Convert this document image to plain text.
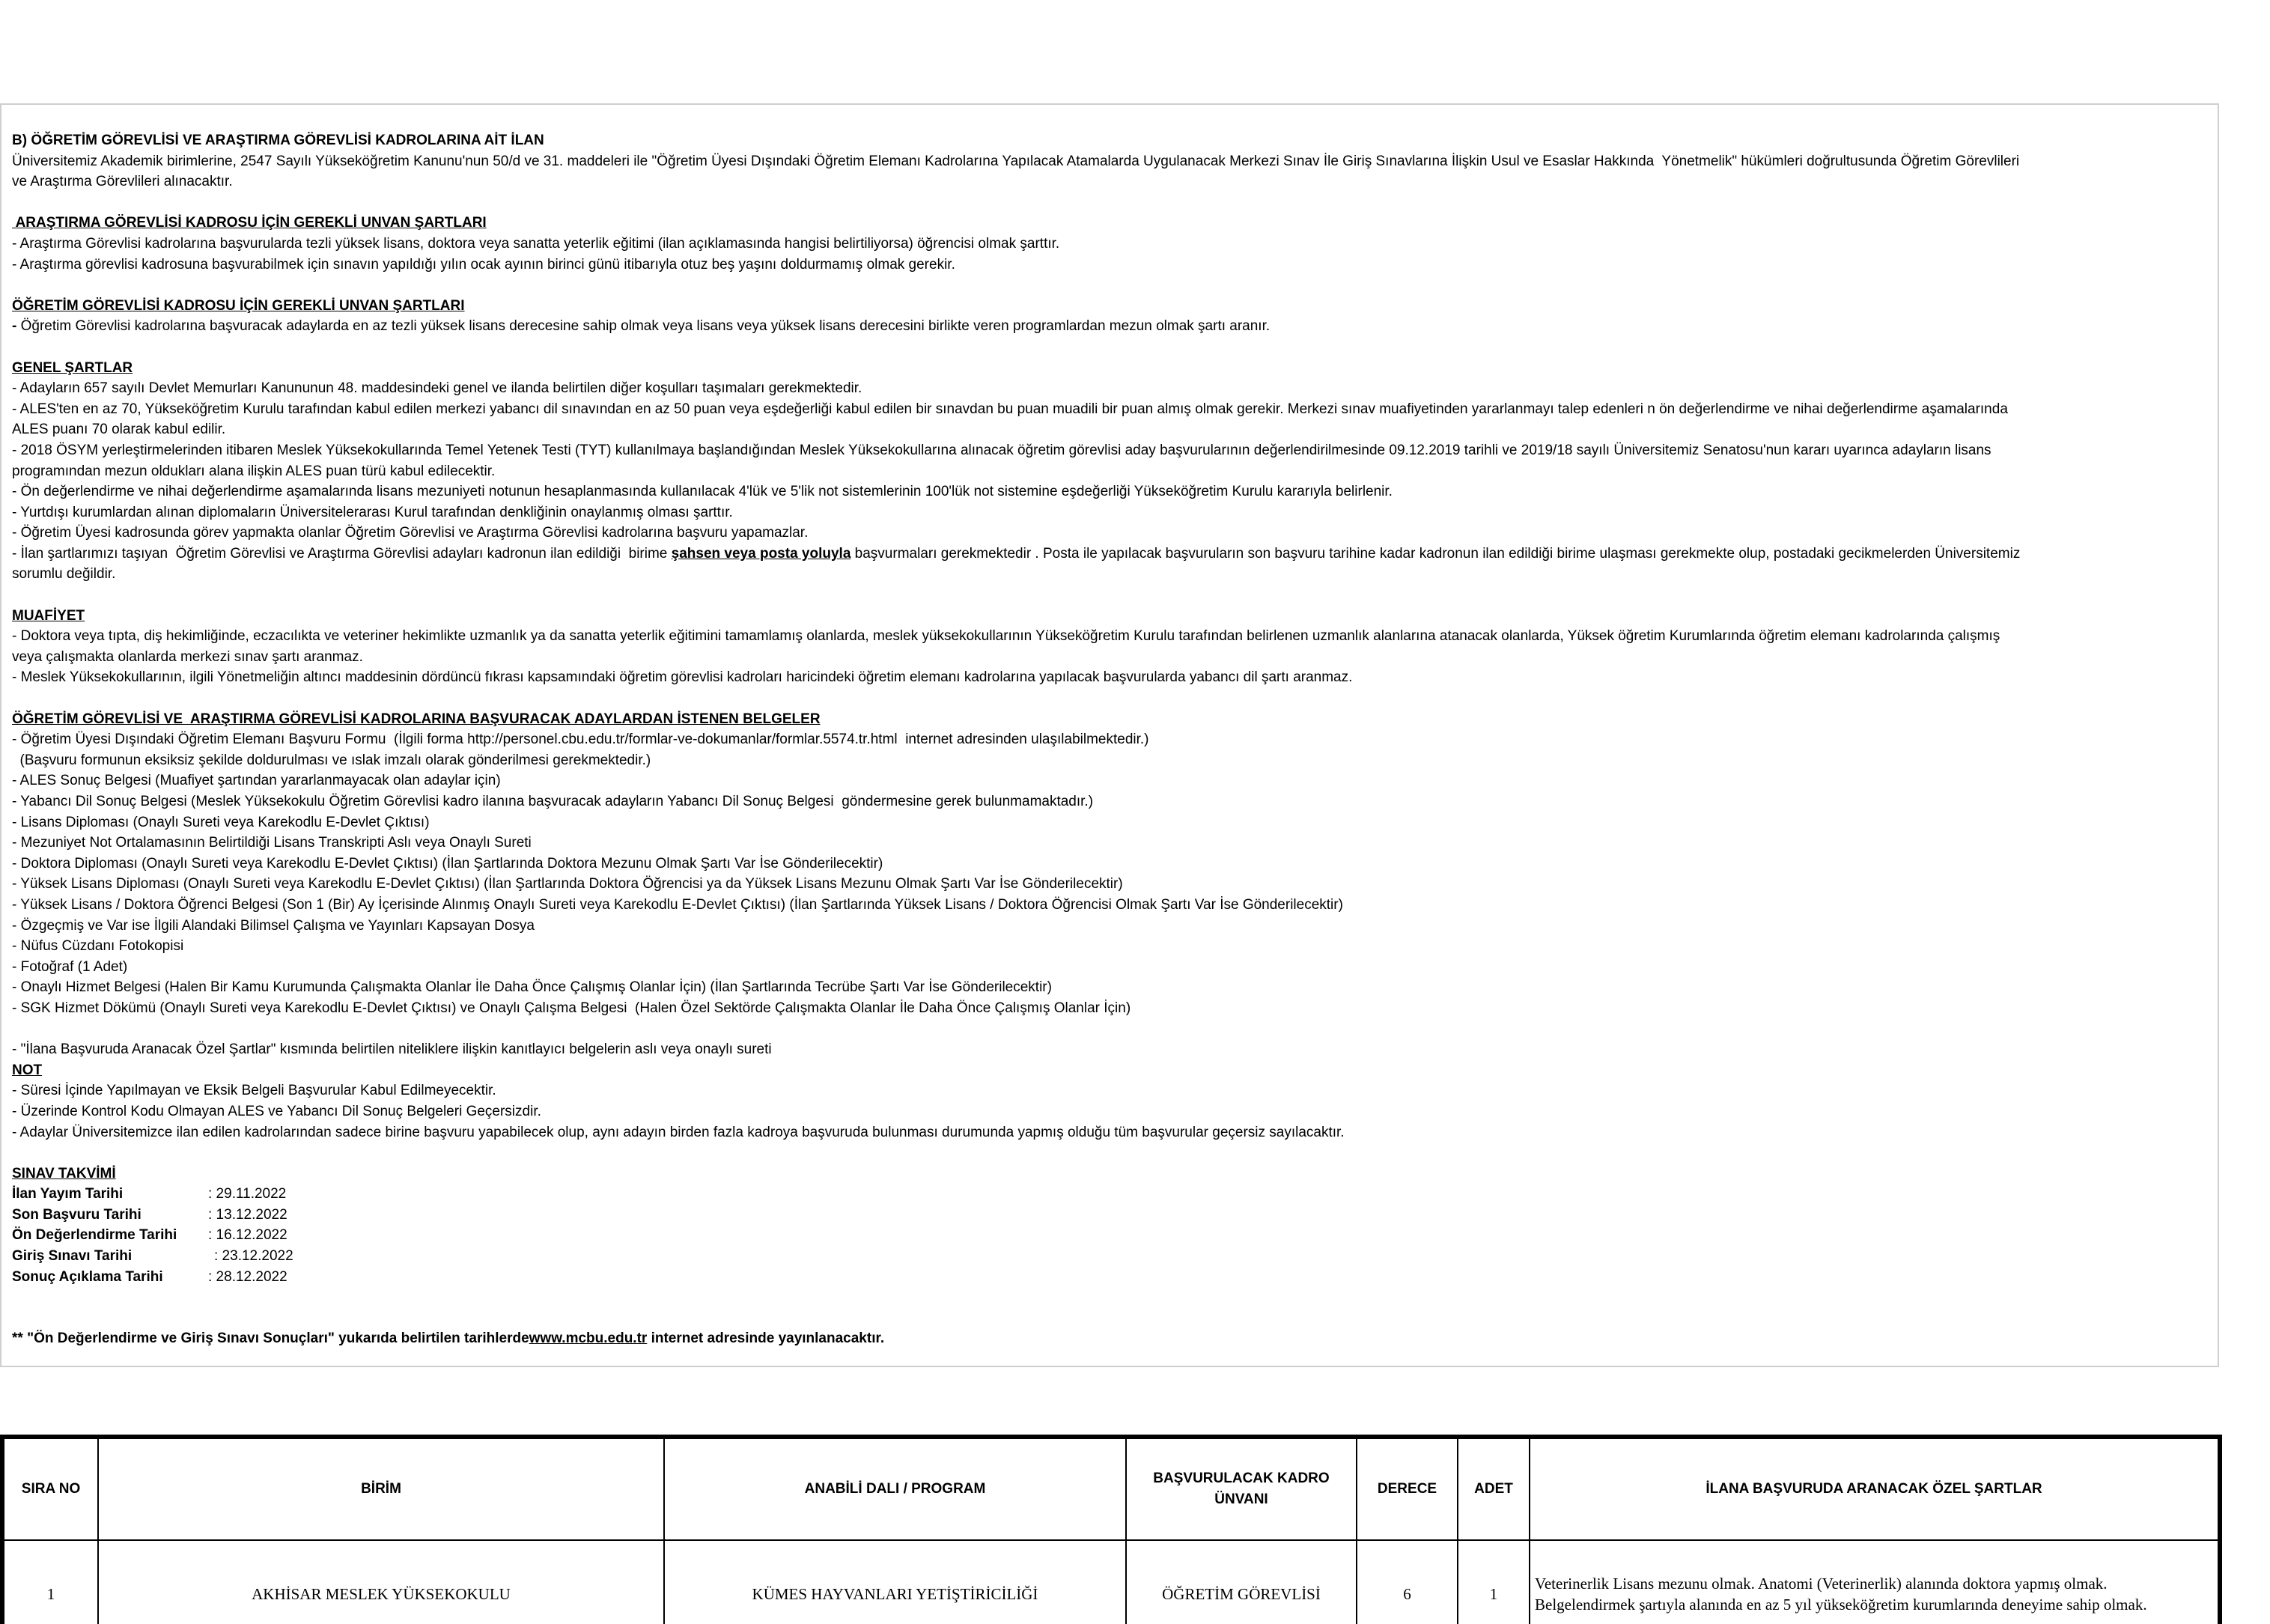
B) ÖĞRETİM GÖREVLİSİ VE ARAŞTIRMA GÖREVLİSİ KADROLARINA AİT İLAN
Üniversitemiz Akademik birimlerine, 2547 Sayılı Yükseköğretim Kanunu'nun 50/d ve 31. maddeleri ile "Öğretim Üyesi Dışındaki Öğretim Elemanı Kadrolarına Yapılacak Atamalarda Uygulanacak Merkezi Sınav İle Giriş Sınavlarına İlişkin Usul ve Esaslar Hakkında  Yönetmelik" hükümleri doğrultusunda Öğretim Görevlileri
ve Araştırma Görevlileri alınacaktır.
ARAŞTIRMA GÖREVLİSİ KADROSU İÇİN GEREKLİ UNVAN ŞARTLARI
- Araştırma Görevlisi kadrolarına başvurularda tezli yüksek lisans, doktora veya sanatta yeterlik eğitimi (ilan açıklamasında hangisi belirtiliyorsa) öğrencisi olmak şarttır.
- Araştırma görevlisi kadrosuna başvurabilmek için sınavın yapıldığı yılın ocak ayının birinci günü itibarıyla otuz beş yaşını doldurmamış olmak gerekir.
ÖĞRETİM GÖREVLİSİ KADROSU İÇİN GEREKLİ UNVAN ŞARTLARI
- Öğretim Görevlisi kadrolarına başvuracak adaylarda en az tezli yüksek lisans derecesine sahip olmak veya lisans veya yüksek lisans derecesini birlikte veren programlardan mezun olmak şartı aranır.
GENEL ŞARTLAR
- Adayların 657 sayılı Devlet Memurları Kanununun 48. maddesindeki genel ve ilanda belirtilen diğer koşulları taşımaları gerekmektedir.
- ALES'ten en az 70, Yükseköğretim Kurulu tarafından kabul edilen merkezi yabancı dil sınavından en az 50 puan veya eşdeğerliği kabul edilen bir sınavdan bu puan muadili bir puan almış olmak gerekir. Merkezi sınav muafiyetinden yararlanmayı talep edenleri n ön değerlendirme ve nihai değerlendirme aşamalarında
ALES puanı 70 olarak kabul edilir.
- 2018 ÖSYM yerleştirmelerinden itibaren Meslek Yüksekokullarında Temel Yetenek Testi (TYT) kullanılmaya başlandığından Meslek Yüksekokullarına alınacak öğretim görevlisi aday başvurularının değerlendirilmesinde 09.12.2019 tarihli ve 2019/18 sayılı Üniversitemiz Senatosu'nun kararı uyarınca adayların lisans
programından mezun oldukları alana ilişkin ALES puan türü kabul edilecektir.
- Ön değerlendirme ve nihai değerlendirme aşamalarında lisans mezuniyeti notunun hesaplanmasında kullanılacak 4'lük ve 5'lik not sistemlerinin 100'lük not sistemine eşdeğerliği Yükseköğretim Kurulu kararıyla belirlenir.
- Yurtdışı kurumlardan alınan diplomaların Üniversitelerarası Kurul tarafından denkliğinin onaylanmış olması şarttır.
- Öğretim Üyesi kadrosunda görev yapmakta olanlar Öğretim Görevlisi ve Araştırma Görevlisi kadrolarına başvuru yapamazlar.
- İlan şartlarımızı taşıyan  Öğretim Görevlisi ve Araştırma Görevlisi adayları kadronun ilan edildiği  birime şahsen veya posta yoluyla başvurmaları gerekmektedir . Posta ile yapılacak başvuruların son başvuru tarihine kadar kadronun ilan edildiği birime ulaşması gerekmekte olup, postadaki gecikmelerden Üniversitemiz
sorumlu değildir.
MUAFİYET
- Doktora veya tıpta, diş hekimliğinde, eczacılıkta ve veteriner hekimlikte uzmanlık ya da sanatta yeterlik eğitimini tamamlamış olanlarda, meslek yüksekokullarının Yükseköğretim Kurulu tarafından belirlenen uzmanlık alanlarına atanacak olanlarda, Yüksek öğretim Kurumlarında öğretim elemanı kadrolarında çalışmış
veya çalışmakta olanlarda merkezi sınav şartı aranmaz.
- Meslek Yüksekokullarının, ilgili Yönetmeliğin altıncı maddesinin dördüncü fıkrası kapsamındaki öğretim görevlisi kadroları haricindeki öğretim elemanı kadrolarına yapılacak başvurularda yabancı dil şartı aranmaz.
ÖĞRETİM GÖREVLİSİ VE  ARAŞTIRMA GÖREVLİSİ KADROLARINA BAŞVURACAK ADAYLARDAN İSTENEN BELGELER
- Öğretim Üyesi Dışındaki Öğretim Elemanı Başvuru Formu  (İlgili forma http://personel.cbu.edu.tr/formlar-ve-dokumanlar/formlar.5574.tr.html  internet adresinden ulaşılabilmektedir.)
(Başvuru formunun eksiksiz şekilde doldurulması ve ıslak imzalı olarak gönderilmesi gerekmektedir.)
- ALES Sonuç Belgesi (Muafiyet şartından yararlanmayacak olan adaylar için)
- Yabancı Dil Sonuç Belgesi (Meslek Yüksekokulu Öğretim Görevlisi kadro ilanına başvuracak adayların Yabancı Dil Sonuç Belgesi  göndermesine gerek bulunmamaktadır.)
- Lisans Diploması (Onaylı Sureti veya Karekodlu E-Devlet Çıktısı)
- Mezuniyet Not Ortalamasının Belirtildiği Lisans Transkripti Aslı veya Onaylı Sureti
- Doktora Diploması (Onaylı Sureti veya Karekodlu E-Devlet Çıktısı) (İlan Şartlarında Doktora Mezunu Olmak Şartı Var İse Gönderilecektir)
- Yüksek Lisans Diploması (Onaylı Sureti veya Karekodlu E-Devlet Çıktısı) (İlan Şartlarında Doktora Öğrencisi ya da Yüksek Lisans Mezunu Olmak Şartı Var İse Gönderilecektir)
- Yüksek Lisans / Doktora Öğrenci Belgesi (Son 1 (Bir) Ay İçerisinde Alınmış Onaylı Sureti veya Karekodlu E-Devlet Çıktısı) (İlan Şartlarında Yüksek Lisans / Doktora Öğrencisi Olmak Şartı Var İse Gönderilecektir)
- Özgeçmiş ve Var ise İlgili Alandaki Bilimsel Çalışma ve Yayınları Kapsayan Dosya
- Nüfus Cüzdanı Fotokopisi
- Fotoğraf (1 Adet)
- Onaylı Hizmet Belgesi (Halen Bir Kamu Kurumunda Çalışmakta Olanlar İle Daha Önce Çalışmış Olanlar İçin) (İlan Şartlarında Tecrübe Şartı Var İse Gönderilecektir)
- SGK Hizmet Dökümü (Onaylı Sureti veya Karekodlu E-Devlet Çıktısı) ve Onaylı Çalışma Belgesi  (Halen Özel Sektörde Çalışmakta Olanlar İle Daha Önce Çalışmış Olanlar İçin)
- "İlana Başvuruda Aranacak Özel Şartlar" kısmında belirtilen niteliklere ilişkin kanıtlayıcı belgelerin aslı veya onaylı sureti
NOT
- Süresi İçinde Yapılmayan ve Eksik Belgeli Başvurular Kabul Edilmeyecektir.
- Üzerinde Kontrol Kodu Olmayan ALES ve Yabancı Dil Sonuç Belgeleri Geçersizdir.
- Adaylar Üniversitemizce ilan edilen kadrolarından sadece birine başvuru yapabilecek olup, aynı adayın birden fazla kadroya başvuruda bulunması durumunda yapmış olduğu tüm başvurular geçersiz sayılacaktır.
SINAV TAKVİMİ
İlan Yayım Tarihi	: 29.11.2022
Son Başvuru Tarihi	: 13.12.2022
Ön Değerlendirme Tarihi	: 16.12.2022
Giriş Sınavı Tarihi	: 23.12.2022
Sonuç Açıklama Tarihi	: 28.12.2022
** "Ön Değerlendirme ve Giriş Sınavı Sonuçları" yukarıda belirtilen tarihlerdewww.mcbu.edu.tr internet adresinde yayınlanacaktır.
SIRA NO	BİRİM	ANABİLİ DALI / PROGRAM	BAŞVURULACAK KADRO
ÜNVANI	DERECE	ADET	İLANA BAŞVURUDA ARANACAK ÖZEL ŞARTLAR
1	AKHİSAR MESLEK YÜKSEKOKULU	KÜMES HAYVANLARI YETİŞTİRİCİLİĞİ	ÖĞRETİM GÖREVLİSİ	6	1	Veterinerlik Lisans mezunu olmak. Anatomi (Veterinerlik) alanında doktora yapmış olmak.
Belgelendirmek şartıyla alanında en az 5 yıl yükseköğretim kurumlarında deneyime sahip olmak.
